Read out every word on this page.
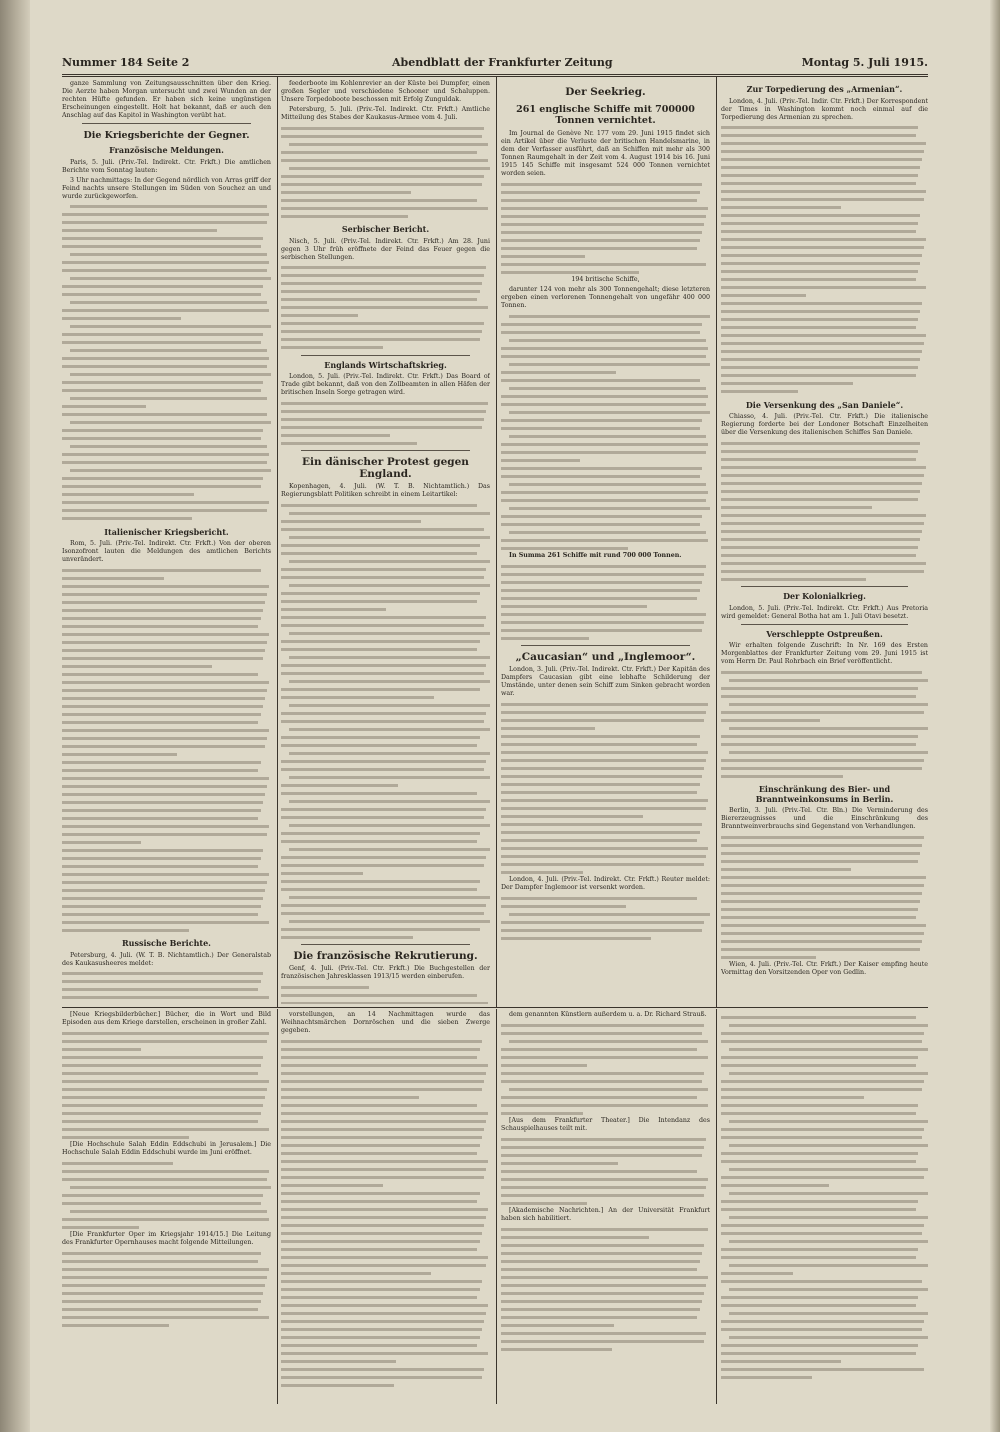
Nummer 184 Seite 2	Abendblatt der Frankfurter Zeitung	Montag 5. Juli 1915.

ganze Sammlung von Zeitungsausschnitten über den Krieg. Die Aerzte haben Morgan untersucht und zwei Wunden an der rechten Hüfte gefunden. Er haben sich keine ungünstigen Erscheinungen eingestellt. Holt hat bekannt, daß er auch den Anschlag auf das Kapitol in Washington verübt hat.

Die Kriegsberichte der Gegner.
Französische Meldungen.

Paris, 5. Juli. (Priv.-Tel. Indirekt. Ctr. Frkft.) Die amtlichen Berichte vom Sonntag lauten:

3 Uhr nachmittags: In der Gegend nördlich von Arras griff der Feind nachts unsere Stellungen im Süden von Souchez an und wurde zurückgeworfen.

Italienischer Kriegsbericht.

Rom, 5. Juli. (Priv.-Tel. Indirekt. Ctr. Frkft.) Von der oberen Isonzofront lauten die Meldungen des amtlichen Berichts unverändert.

Russische Berichte.

Petersburg, 4. Juli. (W. T. B. Nichtamtlich.) Der Generalstab des Kaukasusheeres meldet:

feederboote im Kohlenrevier an der Küste bei Dumpfer, einen großen Segler und verschiedene Schooner und Schaluppen. Unsere Torpedoboote beschossen mit Erfolg Zunguldak.

Petersburg, 5. Juli. (Priv.-Tel. Indirekt. Ctr. Frkft.) Amtliche Mitteilung des Stabes der Kaukasus-Armee vom 4. Juli.

Serbischer Bericht.

Nisch, 5. Juli. (Priv.-Tel. Indirekt. Ctr. Frkft.) Am 28. Juni gegen 3 Uhr früh eröffnete der Feind das Feuer gegen die serbischen Stellungen.

Englands Wirtschaftskrieg.

London, 5. Juli. (Priv.-Tel. Indirekt. Ctr. Frkft.) Das Board of Trade gibt bekannt, daß von den Zollbeamten in allen Häfen der britischen Inseln Sorge getragen wird.

Ein dänischer Protest gegen England.

Kopenhagen, 4. Juli. (W. T. B. Nichtamtlich.) Das Regierungsblatt Politiken schreibt in einem Leitartikel:

Die französische Rekrutierung.

Genf, 4. Juli. (Priv.-Tel. Ctr. Frkft.) Die Buchgestellen der französischen Jahresklassen 1913/15 werden einberufen.

Der Seekrieg.
261 englische Schiffe mit 700000 Tonnen vernichtet.

Im Journal de Genève Nr. 177 vom 29. Juni 1915 findet sich ein Artikel über die Verluste der britischen Handelsmarine, in dem der Verfasser ausführt, daß an Schiffen mit mehr als 300 Tonnen Raumgehalt in der Zeit vom 4. August 1914 bis 16. Juni 1915 145 Schiffe mit insgesamt 524 000 Tonnen vernichtet worden seien.

194 britische Schiffe,

darunter 124 von mehr als 300 Tonnengehalt; diese letzteren ergeben einen verlorenen Tonnengehalt von ungefähr 400 000 Tonnen.

In Summa 261 Schiffe mit rund 700 000 Tonnen.

„Caucasian“ und „Inglemoor“.

London, 3. Juli. (Priv.-Tel. Indirekt. Ctr. Frkft.) Der Kapitän des Dampfers Caucasian gibt eine lebhafte Schilderung der Umstände, unter denen sein Schiff zum Sinken gebracht worden war.

London, 4. Juli. (Priv.-Tel. Indirekt. Ctr. Frkft.) Reuter meldet: Der Dampfer Inglemoor ist versenkt worden.

Zur Torpedierung des „Armenian“.

London, 4. Juli. (Priv.-Tel. Indir. Ctr. Frkft.) Der Korrespondent der Times in Washington kommt noch einmal auf die Torpedierung des Armenian zu sprechen.

Die Versenkung des „San Daniele“.

Chiasso, 4. Juli. (Priv.-Tel. Ctr. Frkft.) Die italienische Regierung forderte bei der Londoner Botschaft Einzelheiten über die Versenkung des italienischen Schiffes San Daniele.

Der Kolonialkrieg.

London, 5. Juli. (Priv.-Tel. Indirekt. Ctr. Frkft.) Aus Pretoria wird gemeldet: General Botha hat am 1. Juli Otavi besetzt.

Verschleppte Ostpreußen.

Wir erhalten folgende Zuschrift: In Nr. 169 des Ersten Morgenblattes der Frankfurter Zeitung vom 29. Juni 1915 ist vom Herrn Dr. Paul Rohrbach ein Brief veröffentlicht.

Einschränkung des Bier- und Branntweinkonsums in Berlin.

Berlin, 3. Juli. (Priv.-Tel. Ctr. Bln.) Die Verminderung des Biererzeugnisses und die Einschränkung des Branntweinverbrauchs sind Gegenstand von Verhandlungen.

Wien, 4. Juli. (Priv.-Tel. Ctr. Frkft.) Der Kaiser empfing heute Vormittag den Vorsitzenden Oper von Gedlin.

[Neue Kriegsbilderbücher.] Bücher, die in Wort und Bild Episoden aus dem Kriege darstellen, erscheinen in großer Zahl.

[Die Hochschule Salah Eddin Eddschubi in Jerusalem.] Die Hochschule Salah Eddin Eddschubi wurde im Juni eröffnet.

[Die Frankfurter Oper im Kriegsjahr 1914/15.] Die Leitung des Frankfurter Opernhauses macht folgende Mitteilungen.

vorstellungen, an 14 Nachmittagen wurde das Weihnachtsmärchen Dornröschen und die sieben Zwerge gegeben.

dem genannten Künstlern außerdem u. a. Dr. Richard Strauß.

[Aus dem Frankfurter Theater.] Die Intendanz des Schauspielhauses teilt mit.

[Akademische Nachrichten.] An der Universität Frankfurt haben sich habilitiert.
